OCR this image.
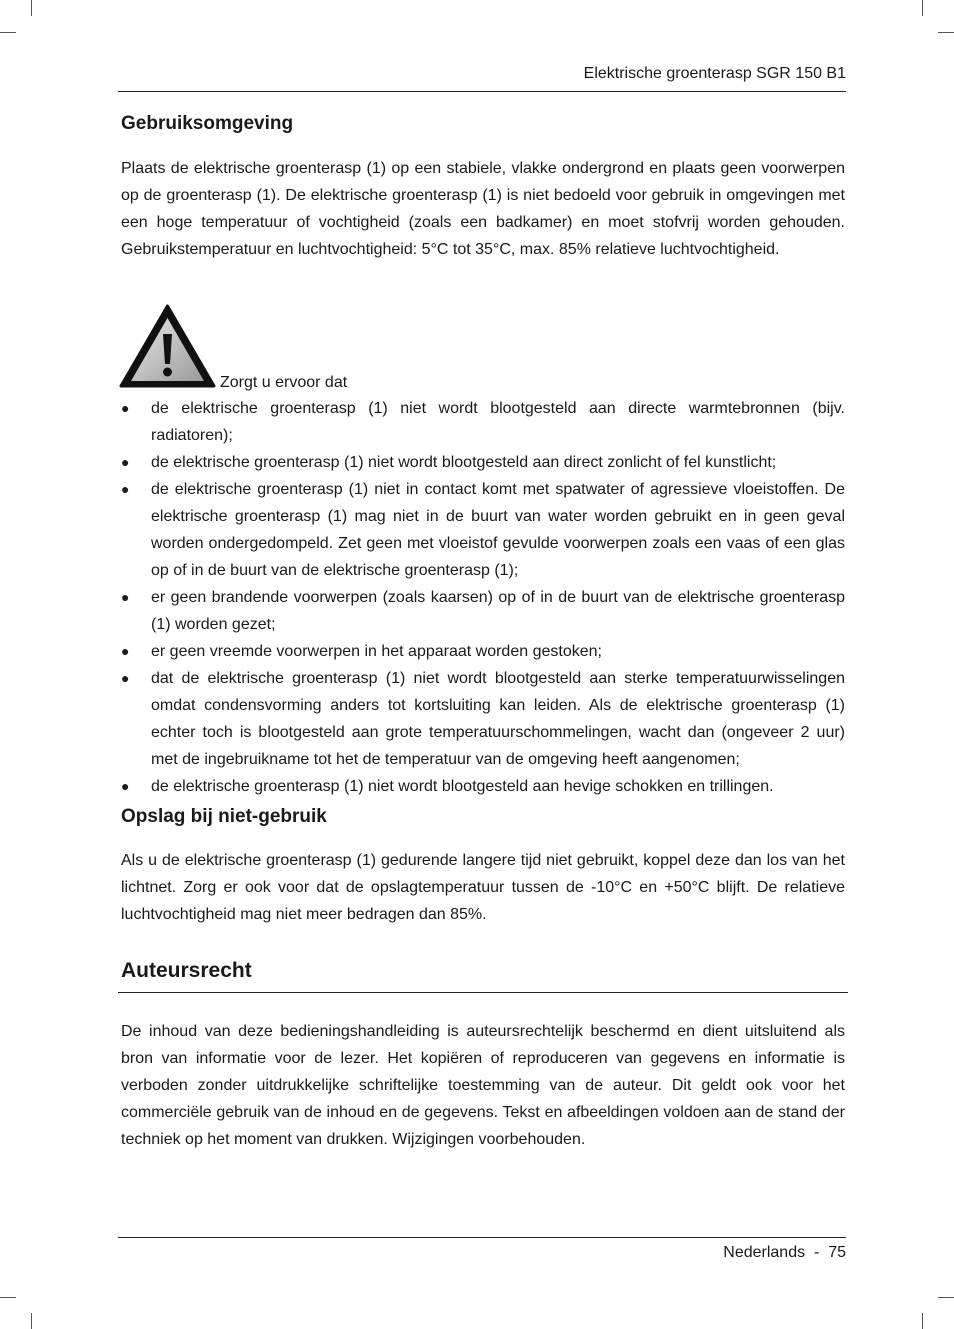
Elektrische groenterasp SGR 150 B1
Gebruiksomgeving

Plaats de elektrische groenterasp (1) op een stabiele, vlakke ondergrond en plaats geen voorwerpen op de groenterasp (1). De elektrische groenterasp (1) is niet bedoeld voor gebruik in omgevingen met een hoge temperatuur of vochtigheid (zoals een badkamer) en moet stofvrij worden gehouden. Gebruikstemperatuur en luchtvochtigheid: 5°C tot 35°C, max. 85% relatieve luchtvochtigheid.

Zorgt u ervoor dat
● de elektrische groenterasp (1) niet wordt blootgesteld aan directe warmtebronnen (bijv. radiatoren);
● de elektrische groenterasp (1) niet wordt blootgesteld aan direct zonlicht of fel kunstlicht;
● de elektrische groenterasp (1) niet in contact komt met spatwater of agressieve vloeistoffen. De elektrische groenterasp (1) mag niet in de buurt van water worden gebruikt en in geen geval worden ondergedompeld. Zet geen met vloeistof gevulde voorwerpen zoals een vaas of een glas op of in de buurt van de elektrische groenterasp (1);
● er geen brandende voorwerpen (zoals kaarsen) op of in de buurt van de elektrische groenterasp (1) worden gezet;
● er geen vreemde voorwerpen in het apparaat worden gestoken;
● dat de elektrische groenterasp (1) niet wordt blootgesteld aan sterke temperatuurwisselingen omdat condensvorming anders tot kortsluiting kan leiden. Als de elektrische groenterasp (1) echter toch is blootgesteld aan grote temperatuurschommelingen, wacht dan (ongeveer 2 uur) met de ingebruikname tot het de temperatuur van de omgeving heeft aangenomen;
● de elektrische groenterasp (1) niet wordt blootgesteld aan hevige schokken en trillingen.
Opslag bij niet-gebruik

Als u de elektrische groenterasp (1) gedurende langere tijd niet gebruikt, koppel deze dan los van het lichtnet. Zorg er ook voor dat de opslagtemperatuur tussen de -10°C en +50°C blijft. De relatieve luchtvochtigheid mag niet meer bedragen dan 85%.

Auteursrecht

De inhoud van deze bedieningshandleiding is auteursrechtelijk beschermd en dient uitsluitend als bron van informatie voor de lezer. Het kopiëren of reproduceren van gegevens en informatie is verboden zonder uitdrukkelijke schriftelijke toestemming van de auteur. Dit geldt ook voor het commerciële gebruik van de inhoud en de gegevens. Tekst en afbeeldingen voldoen aan de stand der techniek op het moment van drukken. Wijzigingen voorbehouden.

Nederlands  -  75
